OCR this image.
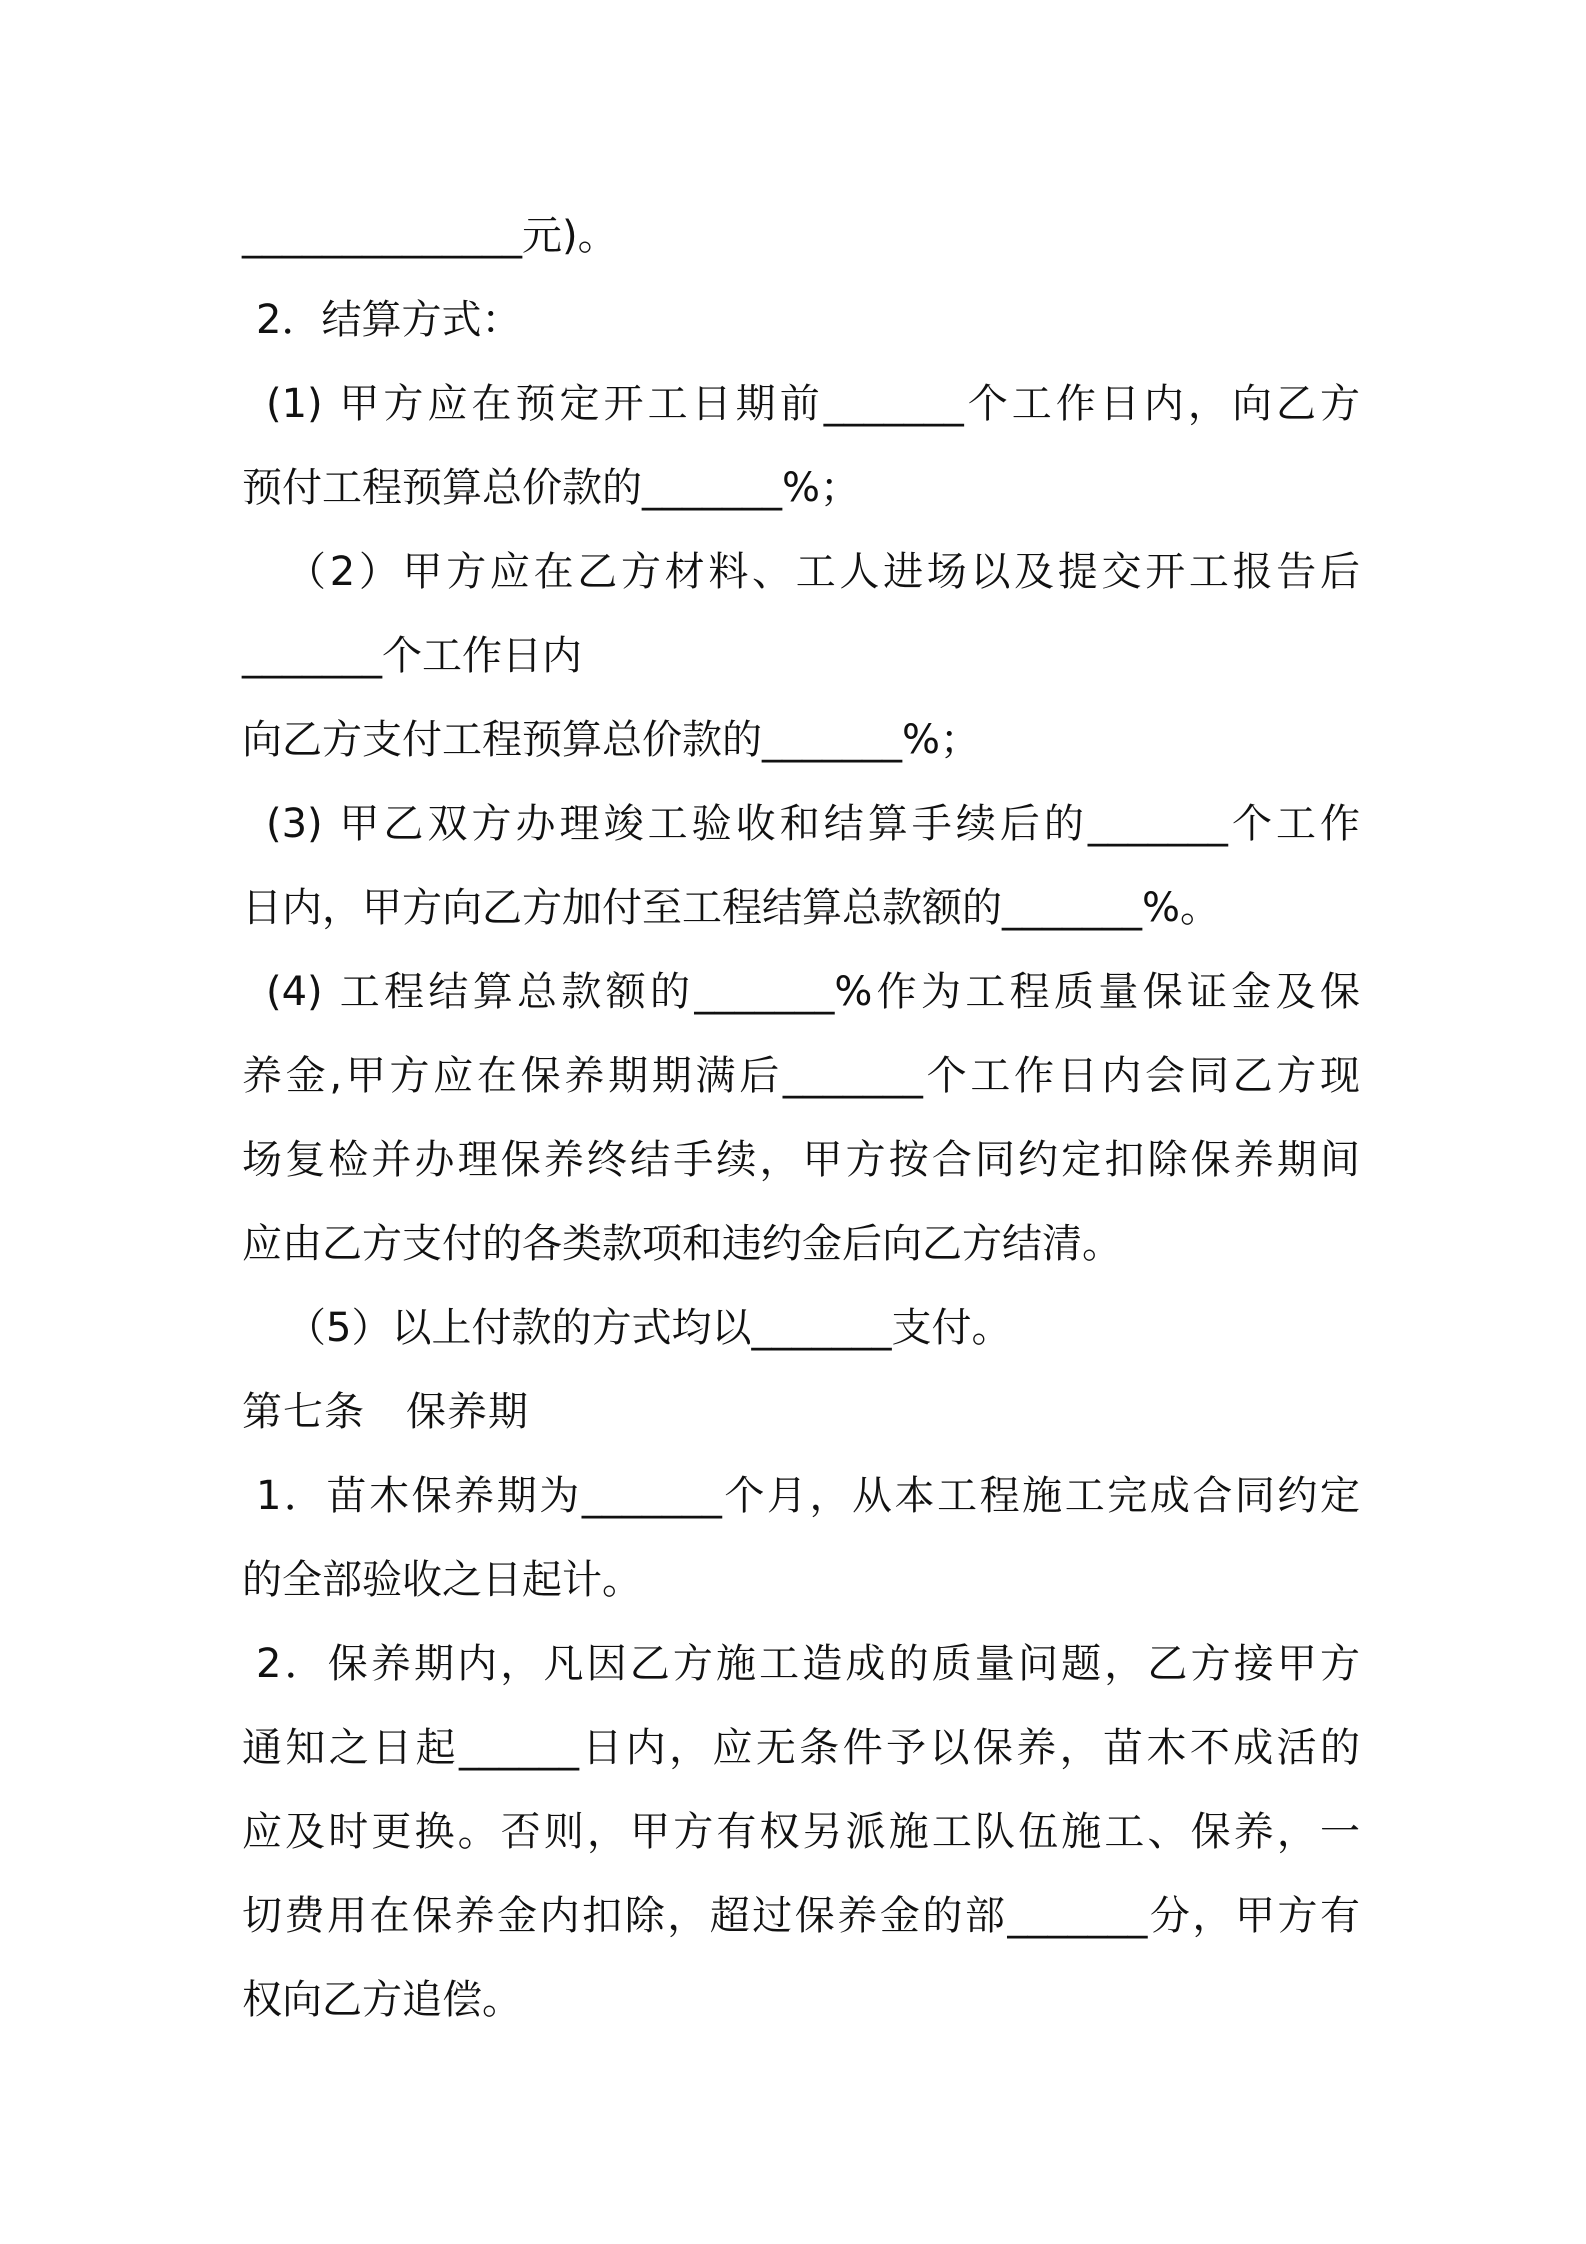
______________元)。
2．结算方式：
(1) 甲方应在预定开工日期前_______个工作日内，向乙方
预付工程预算总价款的_______%；
（2）甲方应在乙方材料、工人进场以及提交开工报告后
_______个工作日内
向乙方支付工程预算总价款的_______%；
(3) 甲乙双方办理竣工验收和结算手续后的_______个工作
日内，甲方向乙方加付至工程结算总款额的_______%。
(4) 工程结算总款额的_______%作为工程质量保证金及保
养金,甲方应在保养期期满后_______个工作日内会同乙方现
场复检并办理保养终结手续，甲方按合同约定扣除保养期间
应由乙方支付的各类款项和违约金后向乙方结清。
（5）以上付款的方式均以_______支付。
第七条　保养期
1．苗木保养期为_______个月，从本工程施工完成合同约定
的全部验收之日起计。
2．保养期内，凡因乙方施工造成的质量问题，乙方接甲方
通知之日起______日内，应无条件予以保养，苗木不成活的
应及时更换。否则，甲方有权另派施工队伍施工、保养，一
切费用在保养金内扣除，超过保养金的部_______分，甲方有
权向乙方追偿。
